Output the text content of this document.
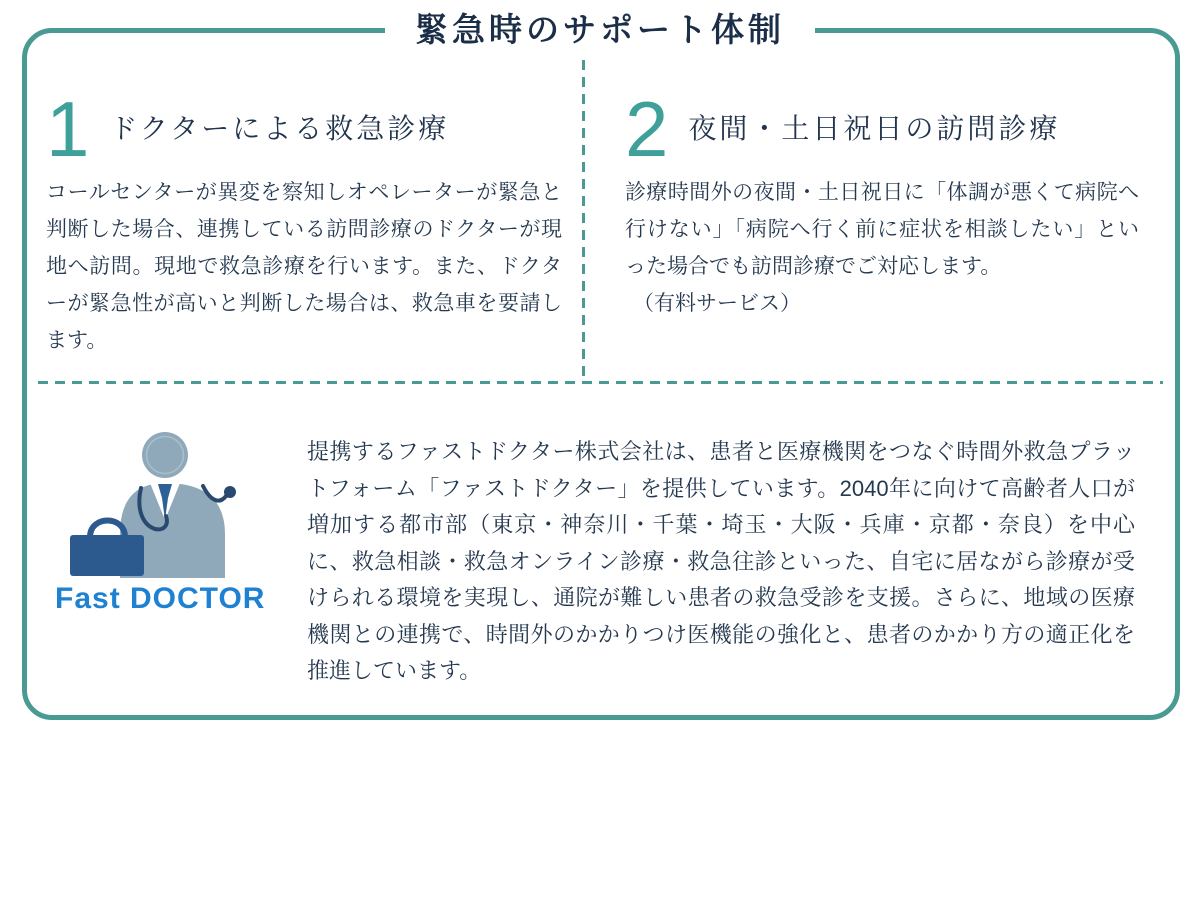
緊急時のサポート体制
1 ドクターによる救急診療

コールセンターが異変を察知しオペレーターが緊急と判断した場合、連携している訪問診療のドクターが現地へ訪問。現地で救急診療を行います。また、ドクターが緊急性が高いと判断した場合は、救急車を要請します。

2 夜間・土日祝日の訪問診療

診療時間外の夜間・土日祝日に「体調が悪くて病院へ行けない」「病院へ行く前に症状を相談したい」といった場合でも訪問診療でご対応します。

（有料サービス）
Fast DOCTOR

提携するファストドクター株式会社は、患者と医療機関をつなぐ時間外救急プラットフォーム「ファストドクター」を提供しています。2040年に向けて高齢者人口が増加する都市部（東京・神奈川・千葉・埼玉・大阪・兵庫・京都・奈良）を中心に、救急相談・救急オンライン診療・救急往診といった、自宅に居ながら診療が受けられる環境を実現し、通院が難しい患者の救急受診を支援。さらに、地域の医療機関との連携で、時間外のかかりつけ医機能の強化と、患者のかかり方の適正化を推進しています。
